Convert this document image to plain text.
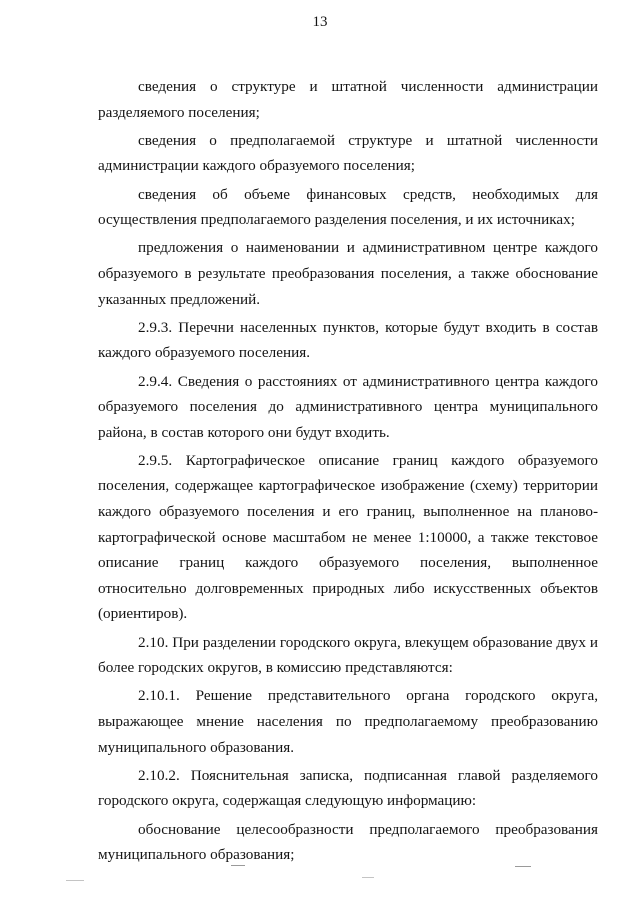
13

сведения о структуре и штатной численности администрации разделяемого поселения;

сведения о предполагаемой структуре и штатной численности администрации каждого образуемого поселения;

сведения об объеме финансовых средств, необходимых для осуществления предполагаемого разделения поселения, и их источниках;

предложения о наименовании и административном центре каждого образуемого в результате преобразования поселения, а также обоснование указанных предложений.

2.9.3. Перечни населенных пунктов, которые будут входить в состав каждого образуемого поселения.

2.9.4. Сведения о расстояниях от административного центра каждого образуемого поселения до административного центра муниципального района, в состав которого они будут входить.

2.9.5. Картографическое описание границ каждого образуемого поселения, содержащее картографическое изображение (схему) территории каждого образуемого поселения и его границ, выполненное на планово-картографической основе масштабом не менее 1:10000, а также текстовое описание границ каждого образуемого поселения, выполненное относительно долговременных природных либо искусственных объектов (ориентиров).

2.10. При разделении городского округа, влекущем образование двух и более городских округов, в комиссию представляются:

2.10.1. Решение представительного органа городского округа, выражающее мнение населения по предполагаемому преобразованию муниципального образования.

2.10.2. Пояснительная записка, подписанная главой разделяемого городского округа, содержащая следующую информацию:

обоснование целесообразности предполагаемого преобразования муниципального образования;
